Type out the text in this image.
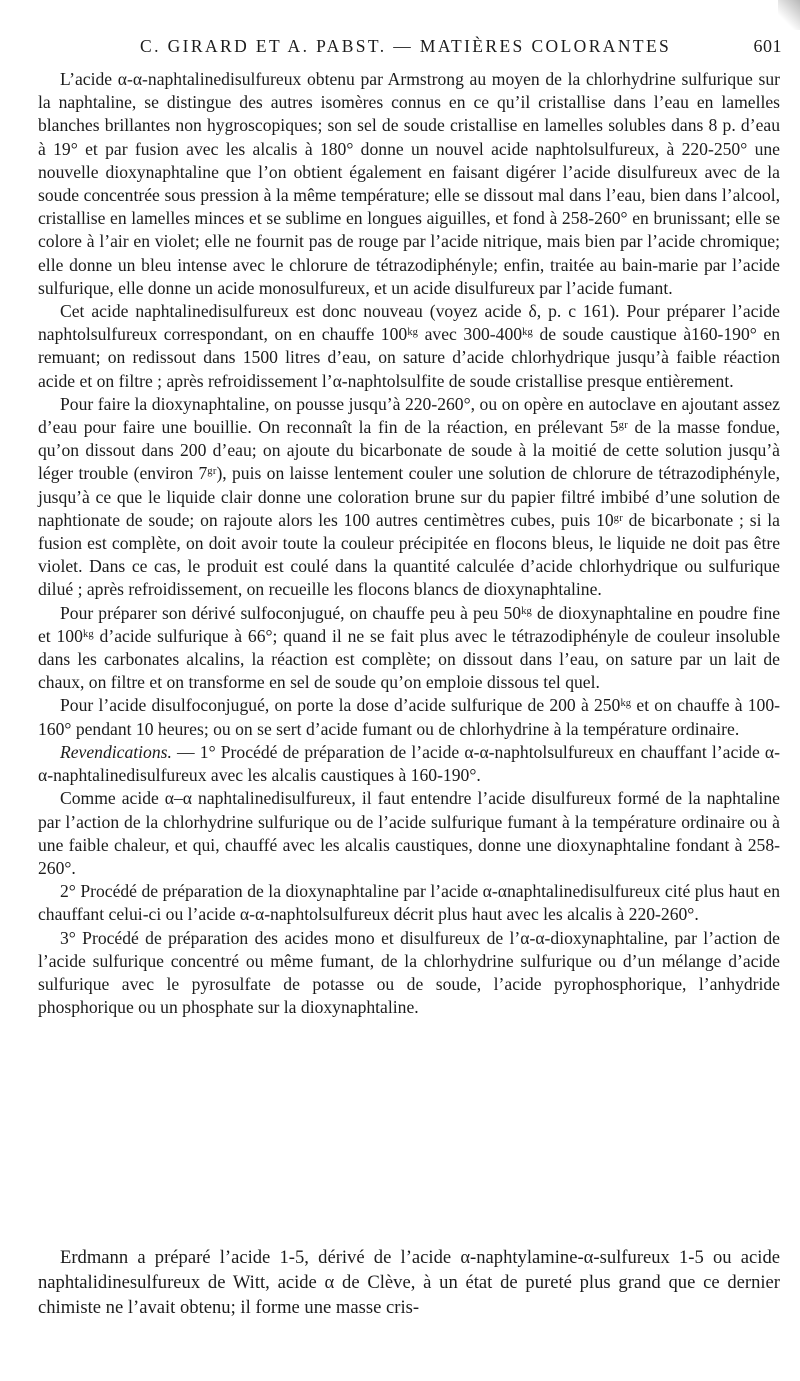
C. GIRARD ET A. PABST. — MATIÈRES COLORANTES	601

L’acide α-α-naphtalinedisulfureux obtenu par Armstrong au moyen de la chlorhydrine sulfurique sur la naphtaline, se distingue des autres isomères connus en ce qu’il cristallise dans l’eau en lamelles blanches brillantes non hygroscopiques; son sel de soude cristallise en lamelles solubles dans 8 p. d’eau à 19° et par fusion avec les alcalis à 180° donne un nouvel acide naphtolsulfureux, à 220-250° une nouvelle dioxynaphtaline que l’on obtient également en faisant digérer l’acide disulfureux avec de la soude concentrée sous pression à la même température; elle se dissout mal dans l’eau, bien dans l’alcool, cristallise en lamelles minces et se sublime en longues aiguilles, et fond à 258-260° en brunissant; elle se colore à l’air en violet; elle ne fournit pas de rouge par l’acide nitrique, mais bien par l’acide chromique; elle donne un bleu intense avec le chlorure de tétrazodiphényle; enfin, traitée au bain-marie par l’acide sulfurique, elle donne un acide monosulfureux, et un acide disulfureux par l’acide fumant.

Cet acide naphtalinedisulfureux est donc nouveau (voyez acide δ, p. c 161). Pour préparer l’acide naphtolsulfureux correspondant, on en chauffe 100ᵏᵍ avec 300-400ᵏᵍ de soude caustique à160-190° en remuant; on redissout dans 1500 litres d’eau, on sature d’acide chlorhydrique jusqu’à faible réaction acide et on filtre ; après refroidissement l’α-naphtolsulfite de soude cristallise presque entièrement.

Pour faire la dioxynaphtaline, on pousse jusqu’à 220-260°, ou on opère en autoclave en ajoutant assez d’eau pour faire une bouillie. On reconnaît la fin de la réaction, en prélevant 5ᵍʳ de la masse fondue, qu’on dissout dans 200 d’eau; on ajoute du bicarbonate de soude à la moitié de cette solution jusqu’à léger trouble (environ 7ᵍʳ), puis on laisse lentement couler une solution de chlorure de tétrazodiphényle, jusqu’à ce que le liquide clair donne une coloration brune sur du papier filtré imbibé d’une solution de naphtionate de soude; on rajoute alors les 100 autres centimètres cubes, puis 10ᵍʳ de bicarbonate ; si la fusion est complète, on doit avoir toute la couleur précipitée en flocons bleus, le liquide ne doit pas être violet. Dans ce cas, le produit est coulé dans la quantité calculée d’acide chlorhydrique ou sulfurique dilué ; après refroidissement, on recueille les flocons blancs de dioxynaphtaline.

Pour préparer son dérivé sulfoconjugué, on chauffe peu à peu 50ᵏᵍ de dioxynaphtaline en poudre fine et 100ᵏᵍ d’acide sulfurique à 66°; quand il ne se fait plus avec le tétrazodiphényle de couleur insoluble dans les carbonates alcalins, la réaction est complète; on dissout dans l’eau, on sature par un lait de chaux, on filtre et on transforme en sel de soude qu’on emploie dissous tel quel.

Pour l’acide disulfoconjugué, on porte la dose d’acide sulfurique de 200 à 250ᵏᵍ et on chauffe à 100-160° pendant 10 heures; ou on se sert d’acide fumant ou de chlorhydrine à la température ordinaire.

Revendications. — 1° Procédé de préparation de l’acide α-α-naphtolsulfureux en chauffant l’acide α-α-naphtalinedisulfureux avec les alcalis caustiques à 160-190°.

Comme acide α–α naphtalinedisulfureux, il faut entendre l’acide disulfureux formé de la naphtaline par l’action de la chlorhydrine sulfurique ou de l’acide sulfurique fumant à la température ordinaire ou à une faible chaleur, et qui, chauffé avec les alcalis caustiques, donne une dioxynaphtaline fondant à 258-260°.

2° Procédé de préparation de la dioxynaphtaline par l’acide α-αnaphtalinedisulfureux cité plus haut en chauffant celui-ci ou l’acide α-α-naphtolsulfureux décrit plus haut avec les alcalis à 220-260°.

3° Procédé de préparation des acides mono et disulfureux de l’α-α-dioxynaphtaline, par l’action de l’acide sulfurique concentré ou même fumant, de la chlorhydrine sulfurique ou d’un mélange d’acide sulfurique avec le pyrosulfate de potasse ou de soude, l’acide pyrophosphorique, l’anhydride phosphorique ou un phosphate sur la dioxynaphtaline.

Erdmann a préparé l’acide 1-5, dérivé de l’acide α-naphtylamine-α-sulfureux 1-5 ou acide naphtalidinesulfureux de Witt, acide α de Clève, à un état de pureté plus grand que ce dernier chimiste ne l’avait obtenu; il forme une masse cris-
